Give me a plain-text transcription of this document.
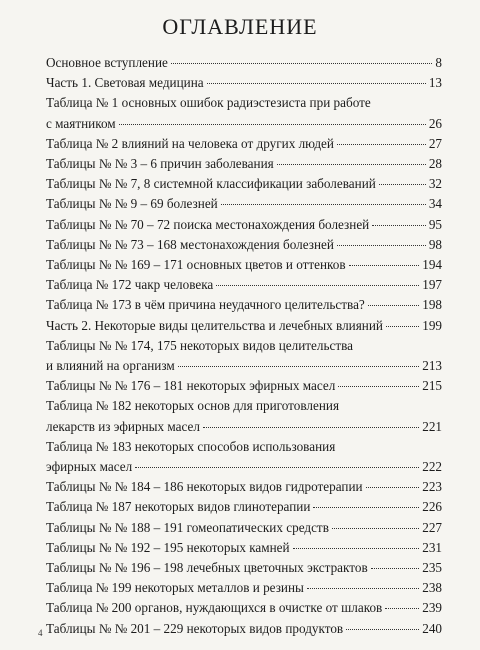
ОГЛАВЛЕНИЕ
Основное вступление	8
Часть 1. Световая медицина	13
Таблица № 1 основных ошибок радиэстезиста при работе
с маятником	26
Таблица № 2 влияний на человека от других людей	27
Таблицы № № 3 – 6 причин заболевания	28
Таблицы № № 7, 8 системной классификации заболеваний	32
Таблицы № № 9 – 69 болезней	34
Таблицы № № 70 – 72 поиска местонахождения болезней	95
Таблицы № № 73 – 168 местонахождения болезней	98
Таблицы № № 169 – 171 основных цветов и оттенков	194
Таблица № 172 чакр человека	197
Таблица № 173 в чём причина неудачного целительства?	198
Часть 2. Некоторые виды целительства и лечебных влияний	199
Таблицы № № 174, 175 некоторых видов целительства
и влияний на организм	213
Таблицы № № 176 – 181 некоторых эфирных масел	215
Таблица № 182 некоторых основ для приготовления
лекарств из эфирных масел	221
Таблица № 183 некоторых способов использования
эфирных масел	222
Таблицы № № 184 – 186 некоторых видов гидротерапии	223
Таблица № 187 некоторых видов глинотерапии	226
Таблицы № № 188 – 191 гомеопатических средств	227
Таблицы № № 192 – 195 некоторых камней	231
Таблицы № № 196 – 198 лечебных цветочных экстрактов	235
Таблица № 199 некоторых металлов и резины	238
Таблица № 200 органов, нуждающихся в очистке от шлаков	239
Таблицы № № 201 – 229 некоторых видов продуктов	240
4
